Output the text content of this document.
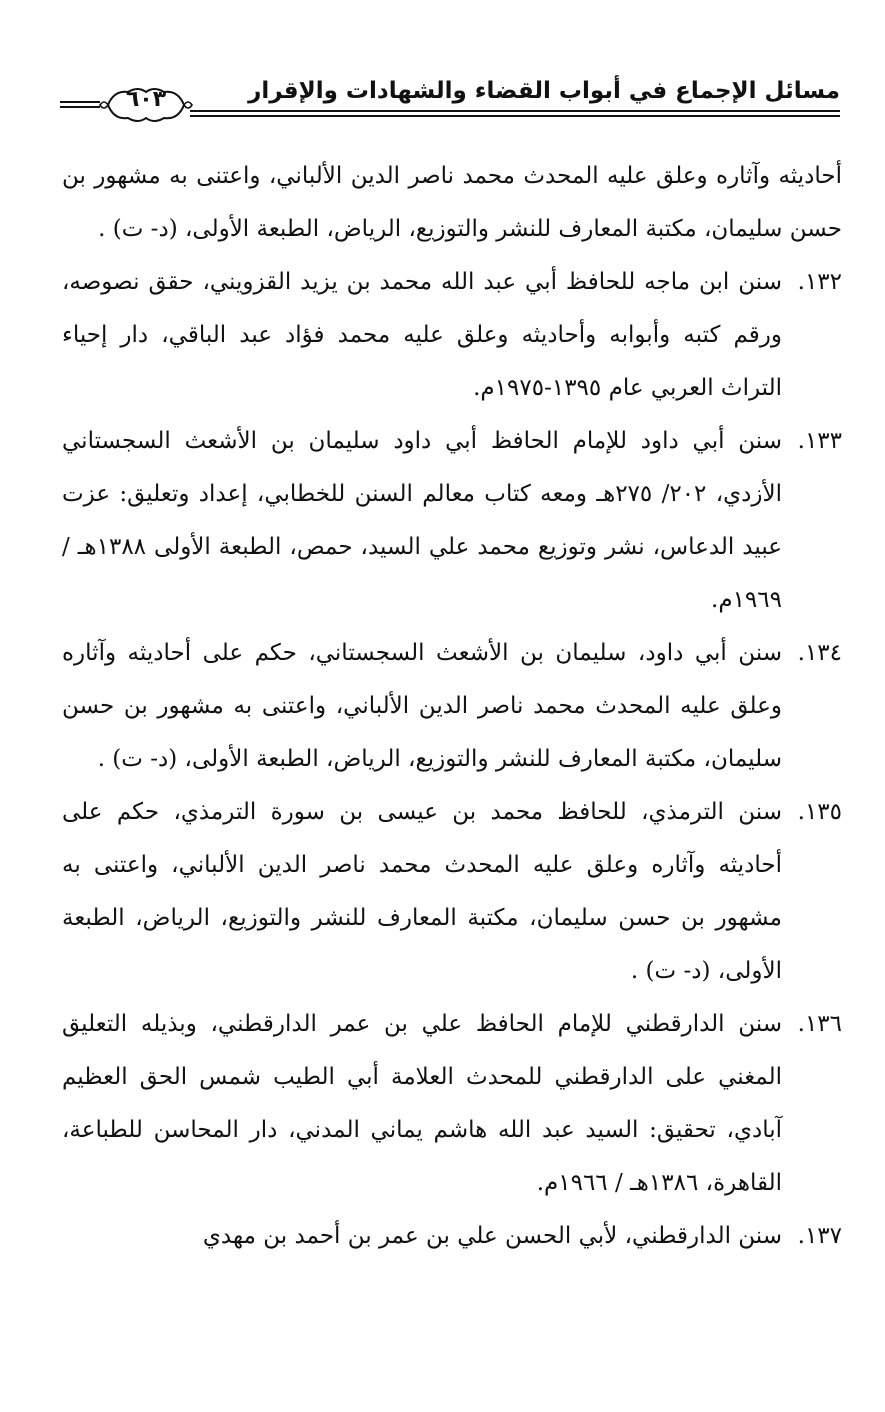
مسائل الإجماع في أبواب القضاء والشهادات والإقرار
٦٠٣

أحاديثه وآثاره وعلق عليه المحدث محمد ناصر الدين الألباني، واعتنى به مشهور بن حسن سليمان، مكتبة المعارف للنشر والتوزيع، الرياض، الطبعة الأولى، (د- ت) .

١٣٢.
سنن ابن ماجه للحافظ أبي عبد الله محمد بن يزيد القزويني، حقق نصوصه، ورقم كتبه وأبوابه وأحاديثه وعلق عليه محمد فؤاد عبد الباقي، دار إحياء التراث العربي عام ١٣٩٥-١٩٧٥م.
١٣٣.
سنن أبي داود للإمام الحافظ أبي داود سليمان بن الأشعث السجستاني الأزدي، ٢٠٢/ ٢٧٥هـ ومعه كتاب معالم السنن للخطابي، إعداد وتعليق: عزت عبيد الدعاس، نشر وتوزيع محمد علي السيد، حمص، الطبعة الأولى ١٣٨٨هـ / ١٩٦٩م.
١٣٤.
سنن أبي داود، سليمان بن الأشعث السجستاني، حكم على أحاديثه وآثاره وعلق عليه المحدث محمد ناصر الدين الألباني، واعتنى به مشهور بن حسن سليمان، مكتبة المعارف للنشر والتوزيع، الرياض، الطبعة الأولى، (د- ت) .
١٣٥.
سنن الترمذي، للحافظ محمد بن عيسى بن سورة الترمذي، حكم على أحاديثه وآثاره وعلق عليه المحدث محمد ناصر الدين الألباني، واعتنى به مشهور بن حسن سليمان، مكتبة المعارف للنشر والتوزيع، الرياض، الطبعة الأولى، (د- ت) .
١٣٦.
سنن الدارقطني للإمام الحافظ علي بن عمر الدارقطني، وبذيله التعليق المغني على الدارقطني للمحدث العلامة أبي الطيب شمس الحق العظيم آبادي، تحقيق: السيد عبد الله هاشم يماني المدني، دار المحاسن للطباعة، القاهرة، ١٣٨٦هـ / ١٩٦٦م.
١٣٧.
سنن الدارقطني، لأبي الحسن علي بن عمر بن أحمد بن مهدي
